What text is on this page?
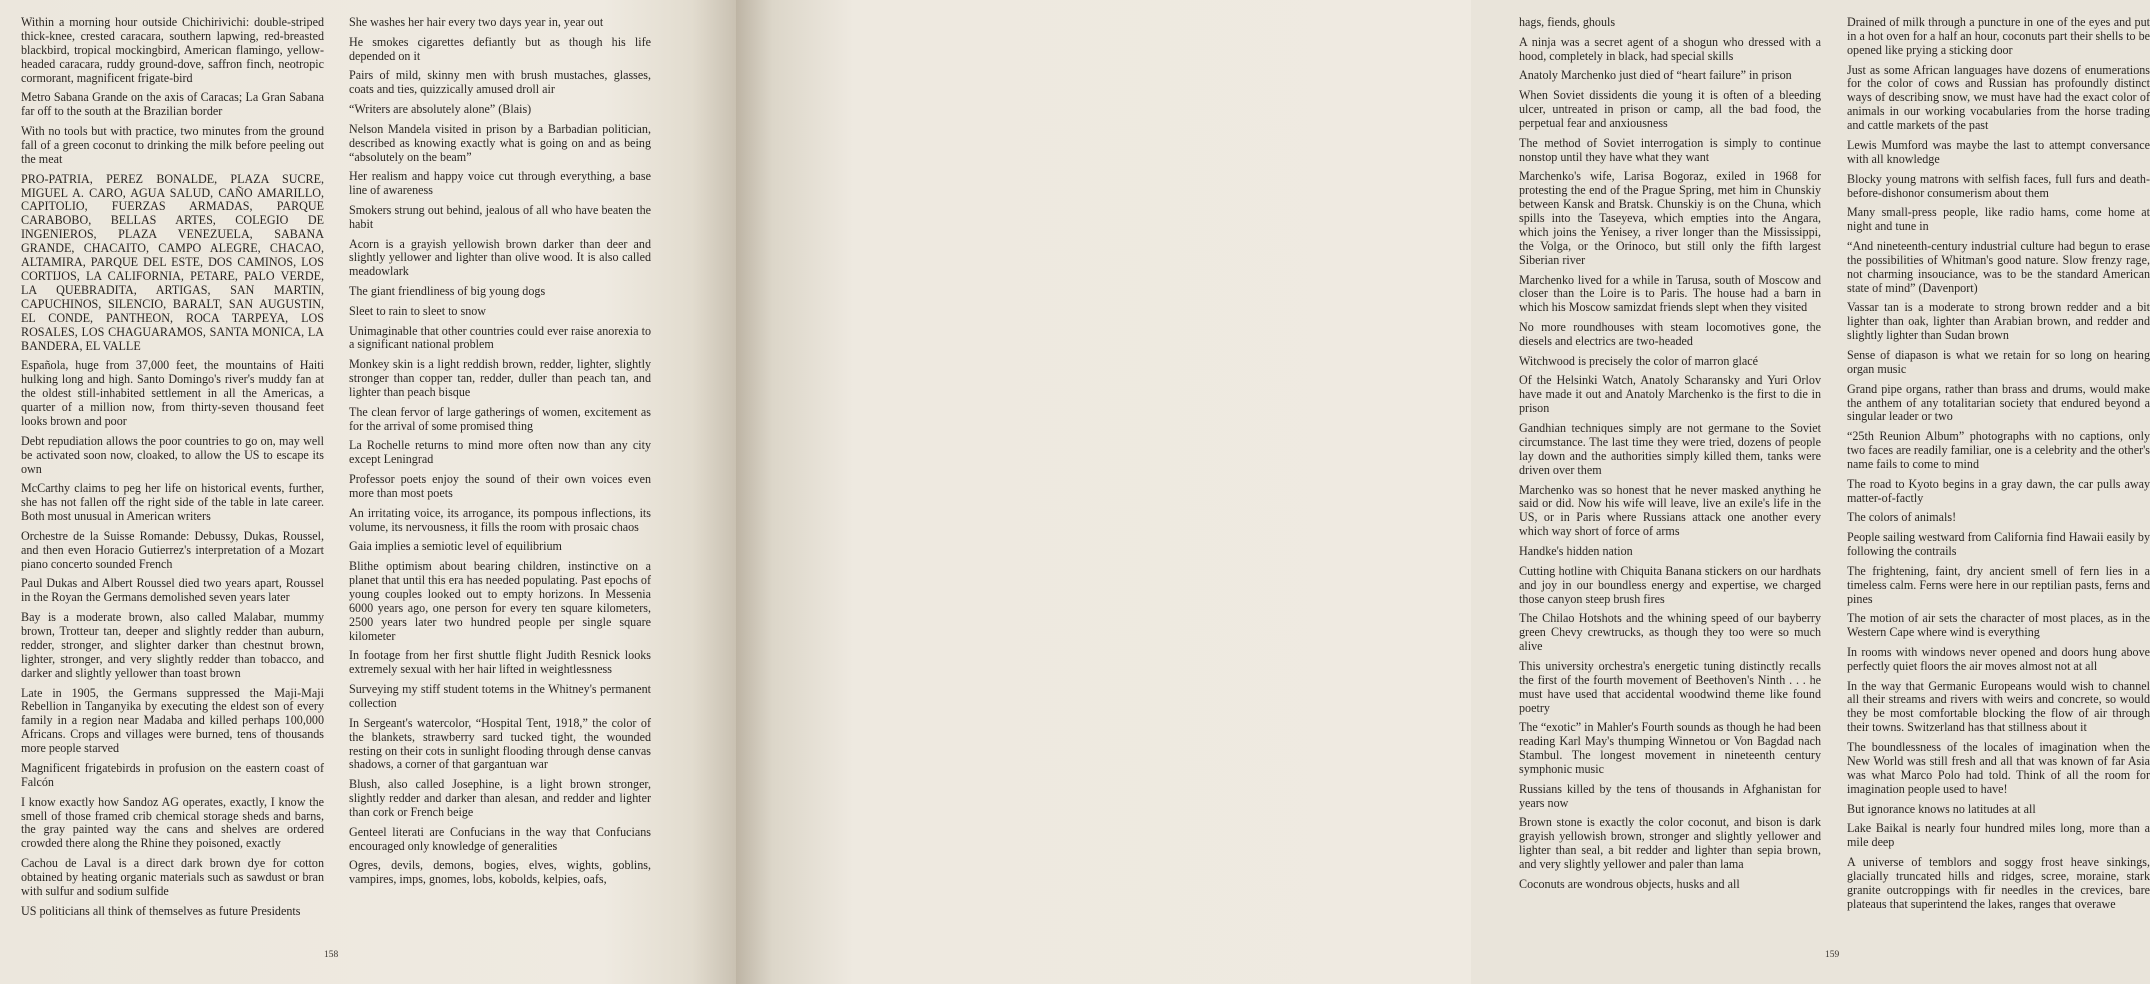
Within a morning hour outside Chichirivichi: double-striped thick-knee, crested caracara, southern lapwing, red-breasted blackbird, tropical mockingbird, American flamingo, yellow-headed caracara, ruddy ground-dove, saffron finch, neotropic cormorant, magnificent frigate-bird

Metro Sabana Grande on the axis of Caracas; La Gran Sabana far off to the south at the Brazilian border

With no tools but with practice, two minutes from the ground fall of a green coconut to drinking the milk before peeling out the meat

PRO-PATRIA, PEREZ BONALDE, PLAZA SUCRE, MIGUEL A. CARO, AGUA SALUD, CAÑO AMARILLO, CAPITOLIO, FUERZAS ARMADAS, PARQUE CARABOBO, BELLAS ARTES, COLEGIO DE INGENIEROS, PLAZA VENEZUELA, SABANA GRANDE, CHACAITO, CAMPO ALEGRE, CHACAO, ALTAMIRA, PARQUE DEL ESTE, DOS CAMINOS, LOS CORTIJOS, LA CALIFORNIA, PETARE, PALO VERDE, LA QUEBRADITA, ARTIGAS, SAN MARTIN, CAPUCHINOS, SILENCIO, BARALT, SAN AUGUSTIN, EL CONDE, PANTHEON, ROCA TARPEYA, LOS ROSALES, LOS CHAGUARAMOS, SANTA MONICA, LA BANDERA, EL VALLE

Española, huge from 37,000 feet, the mountains of Haiti hulking long and high. Santo Domingo's river's muddy fan at the oldest still-inhabited settlement in all the Americas, a quarter of a million now, from thirty-seven thousand feet looks brown and poor

Debt repudiation allows the poor countries to go on, may well be activated soon now, cloaked, to allow the US to escape its own

McCarthy claims to peg her life on historical events, further, she has not fallen off the right side of the table in late career. Both most unusual in American writers

Orchestre de la Suisse Romande: Debussy, Dukas, Roussel, and then even Horacio Gutierrez's interpretation of a Mozart piano concerto sounded French

Paul Dukas and Albert Roussel died two years apart, Roussel in the Royan the Germans demolished seven years later

Bay is a moderate brown, also called Malabar, mummy brown, Trotteur tan, deeper and slightly redder than auburn, redder, stronger, and slighter darker than chestnut brown, lighter, stronger, and very slightly redder than tobacco, and darker and slightly yellower than toast brown

Late in 1905, the Germans suppressed the Maji-Maji Rebellion in Tanganyika by executing the eldest son of every family in a region near Madaba and killed perhaps 100,000 Africans. Crops and villages were burned, tens of thousands more people starved

Magnificent frigatebirds in profusion on the eastern coast of Falcón

I know exactly how Sandoz AG operates, exactly, I know the smell of those framed crib chemical storage sheds and barns, the gray painted way the cans and shelves are ordered crowded there along the Rhine they poisoned, exactly

Cachou de Laval is a direct dark brown dye for cotton obtained by heating organic materials such as sawdust or bran with sulfur and sodium sulfide

US politicians all think of themselves as future Presidents

She washes her hair every two days year in, year out

He smokes cigarettes defiantly but as though his life depended on it

Pairs of mild, skinny men with brush mustaches, glasses, coats and ties, quizzically amused droll air

“Writers are absolutely alone” (Blais)

Nelson Mandela visited in prison by a Barbadian politician, described as knowing exactly what is going on and as being “absolutely on the beam”

Her realism and happy voice cut through everything, a base line of awareness

Smokers strung out behind, jealous of all who have beaten the habit

Acorn is a grayish yellowish brown darker than deer and slightly yellower and lighter than olive wood. It is also called meadowlark

The giant friendliness of big young dogs

Sleet to rain to sleet to snow

Unimaginable that other countries could ever raise anorexia to a significant national problem

Monkey skin is a light reddish brown, redder, lighter, slightly stronger than copper tan, redder, duller than peach tan, and lighter than peach bisque

The clean fervor of large gatherings of women, excitement as for the arrival of some promised thing

La Rochelle returns to mind more often now than any city except Leningrad

Professor poets enjoy the sound of their own voices even more than most poets

An irritating voice, its arrogance, its pompous inflections, its volume, its nervousness, it fills the room with prosaic chaos

Gaia implies a semiotic level of equilibrium

Blithe optimism about bearing children, instinctive on a planet that until this era has needed populating. Past epochs of young couples looked out to empty horizons. In Messenia 6000 years ago, one person for every ten square kilometers, 2500 years later two hundred people per single square kilometer

In footage from her first shuttle flight Judith Resnick looks extremely sexual with her hair lifted in weightlessness

Surveying my stiff student totems in the Whitney's permanent collection

In Sergeant's watercolor, “Hospital Tent, 1918,” the color of the blankets, strawberry sard tucked tight, the wounded resting on their cots in sunlight flooding through dense canvas shadows, a corner of that gargantuan war

Blush, also called Josephine, is a light brown stronger, slightly redder and darker than alesan, and redder and lighter than cork or French beige

Genteel literati are Confucians in the way that Confucians encouraged only knowledge of generalities

Ogres, devils, demons, bogies, elves, wights, goblins, vampires, imps, gnomes, lobs, kobolds, kelpies, oafs,

158

hags, fiends, ghouls

A ninja was a secret agent of a shogun who dressed with a hood, completely in black, had special skills

Anatoly Marchenko just died of “heart failure” in prison

When Soviet dissidents die young it is often of a bleeding ulcer, untreated in prison or camp, all the bad food, the perpetual fear and anxiousness

The method of Soviet interrogation is simply to continue nonstop until they have what they want

Marchenko's wife, Larisa Bogoraz, exiled in 1968 for protesting the end of the Prague Spring, met him in Chunskiy between Kansk and Bratsk. Chunskiy is on the Chuna, which spills into the Taseyeva, which empties into the Angara, which joins the Yenisey, a river longer than the Mississippi, the Volga, or the Orinoco, but still only the fifth largest Siberian river

Marchenko lived for a while in Tarusa, south of Moscow and closer than the Loire is to Paris. The house had a barn in which his Moscow samizdat friends slept when they visited

No more roundhouses with steam locomotives gone, the diesels and electrics are two-headed

Witchwood is precisely the color of marron glacé

Of the Helsinki Watch, Anatoly Scharansky and Yuri Orlov have made it out and Anatoly Marchenko is the first to die in prison

Gandhian techniques simply are not germane to the Soviet circumstance. The last time they were tried, dozens of people lay down and the authorities simply killed them, tanks were driven over them

Marchenko was so honest that he never masked anything he said or did. Now his wife will leave, live an exile's life in the US, or in Paris where Russians attack one another every which way short of force of arms

Handke's hidden nation

Cutting hotline with Chiquita Banana stickers on our hardhats and joy in our boundless energy and expertise, we charged those canyon steep brush fires

The Chilao Hotshots and the whining speed of our bayberry green Chevy crewtrucks, as though they too were so much alive

This university orchestra's energetic tuning distinctly recalls the first of the fourth movement of Beethoven's Ninth . . . he must have used that accidental woodwind theme like found poetry

The “exotic” in Mahler's Fourth sounds as though he had been reading Karl May's thumping Winnetou or Von Bagdad nach Stambul. The longest movement in nineteenth century symphonic music

Russians killed by the tens of thousands in Afghanistan for years now

Brown stone is exactly the color coconut, and bison is dark grayish yellowish brown, stronger and slightly yellower and lighter than seal, a bit redder and lighter than sepia brown, and very slightly yellower and paler than lama

Coconuts are wondrous objects, husks and all

Drained of milk through a puncture in one of the eyes and put in a hot oven for a half an hour, coconuts part their shells to be opened like prying a sticking door

Just as some African languages have dozens of enumerations for the color of cows and Russian has profoundly distinct ways of describing snow, we must have had the exact color of animals in our working vocabularies from the horse trading and cattle markets of the past

Lewis Mumford was maybe the last to attempt conversance with all knowledge

Blocky young matrons with selfish faces, full furs and death-before-dishonor consumerism about them

Many small-press people, like radio hams, come home at night and tune in

“And nineteenth-century industrial culture had begun to erase the possibilities of Whitman's good nature. Slow frenzy rage, not charming insouciance, was to be the standard American state of mind” (Davenport)

Vassar tan is a moderate to strong brown redder and a bit lighter than oak, lighter than Arabian brown, and redder and slightly lighter than Sudan brown

Sense of diapason is what we retain for so long on hearing organ music

Grand pipe organs, rather than brass and drums, would make the anthem of any totalitarian society that endured beyond a singular leader or two

“25th Reunion Album” photographs with no captions, only two faces are readily familiar, one is a celebrity and the other's name fails to come to mind

The road to Kyoto begins in a gray dawn, the car pulls away matter-of-factly

The colors of animals!

People sailing westward from California find Hawaii easily by following the contrails

The frightening, faint, dry ancient smell of fern lies in a timeless calm. Ferns were here in our reptilian pasts, ferns and pines

The motion of air sets the character of most places, as in the Western Cape where wind is everything

In rooms with windows never opened and doors hung above perfectly quiet floors the air moves almost not at all

In the way that Germanic Europeans would wish to channel all their streams and rivers with weirs and concrete, so would they be most comfortable blocking the flow of air through their towns. Switzerland has that stillness about it

The boundlessness of the locales of imagination when the New World was still fresh and all that was known of far Asia was what Marco Polo had told. Think of all the room for imagination people used to have!

But ignorance knows no latitudes at all

Lake Baikal is nearly four hundred miles long, more than a mile deep

A universe of temblors and soggy frost heave sinkings, glacially truncated hills and ridges, scree, moraine, stark granite outcroppings with fir needles in the crevices, bare plateaus that superintend the lakes, ranges that overawe

159
